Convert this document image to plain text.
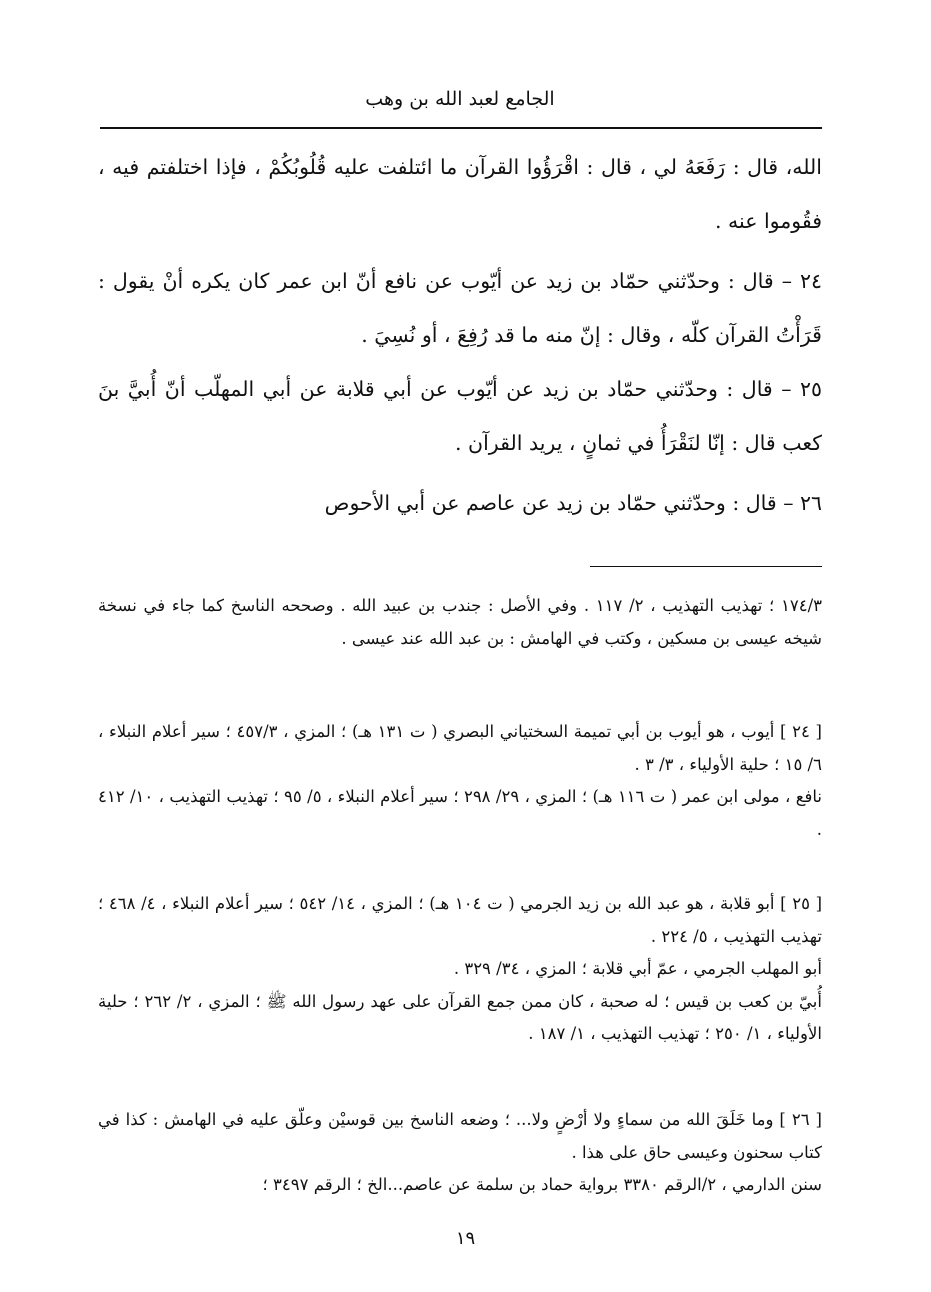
الجامع لعبد الله بن وهب

الله، قال : رَفَعَهُ لي ، قال : اقْرَؤُوا القرآن ما ائتلفت عليه قُلُوبُكُمْ ، فإذا اختلفتم فيه ، فقُوموا عنه .

٢٤ – قال : وحدّثني حمّاد بن زيد عن أيّوب عن نافع أنّ ابن عمر كان يكره أنْ يقول : قَرَأْتُ القرآن كلّه ، وقال : إنّ منه ما قد رُفِعَ ، أو نُسِيَ .

٢٥ – قال : وحدّثني حمّاد بن زيد عن أيّوب عن أبي قلابة عن أبي المهلّب أنّ أُبيَّ بنَ كعب قال : إنّا لنَقْرَأُ في ثمانٍ ، يريد القرآن .

٢٦ – قال : وحدّثني حمّاد بن زيد عن عاصم عن أبي الأحوص

١٧٤/٣ ؛ تهذيب التهذيب ، ٢/ ١١٧ . وفي الأصل : جندب بن عبيد الله . وصححه الناسخ كما جاء في نسخة شيخه عيسى بن مسكين ، وكتب في الهامش : بن عبد الله عند عيسى .

[ ٢٤ ] أيوب ، هو أيوب بن أبي تميمة السختياني البصري ( ت ١٣١ هـ) ؛ المزي ، ٤٥٧/٣ ؛ سير أعلام النبلاء ، ٦/ ١٥ ؛ حلية الأولياء ، ٣/ ٣ .

نافع ، مولى ابن عمر ( ت ١١٦ هـ) ؛ المزي ، ٢٩/ ٢٩٨ ؛ سير أعلام النبلاء ، ٥/ ٩٥ ؛ تهذيب التهذيب ، ١٠/ ٤١٢ .

[ ٢٥ ] أبو قلابة ، هو عبد الله بن زيد الجرمي ( ت ١٠٤ هـ) ؛ المزي ، ١٤/ ٥٤٢ ؛ سير أعلام النبلاء ، ٤/ ٤٦٨ ؛ تهذيب التهذيب ، ٥/ ٢٢٤ .

أبو المهلب الجرمي ، عمّ أبي قلابة ؛ المزي ، ٣٤/ ٣٢٩ .

أُبيّ بن كعب بن قيس ؛ له صحبة ، كان ممن جمع القرآن على عهد رسول الله ﷺ ؛ المزي ، ٢/ ٢٦٢ ؛ حلية الأولياء ، ١/ ٢٥٠ ؛ تهذيب التهذيب ، ١/ ١٨٧ .

[ ٢٦ ] وما خَلَقَ الله من سماءٍ ولا أرْضٍ ولا... ؛ وضعه الناسخ بين قوسيْن وعلّق عليه في الهامش : كذا في كتاب سحنون وعيسى حاق على هذا .

سنن الدارمي ، ٢/الرقم ٣٣٨٠ برواية حماد بن سلمة عن عاصم...الخ ؛ الرقم ٣٤٩٧ ؛

١٩
